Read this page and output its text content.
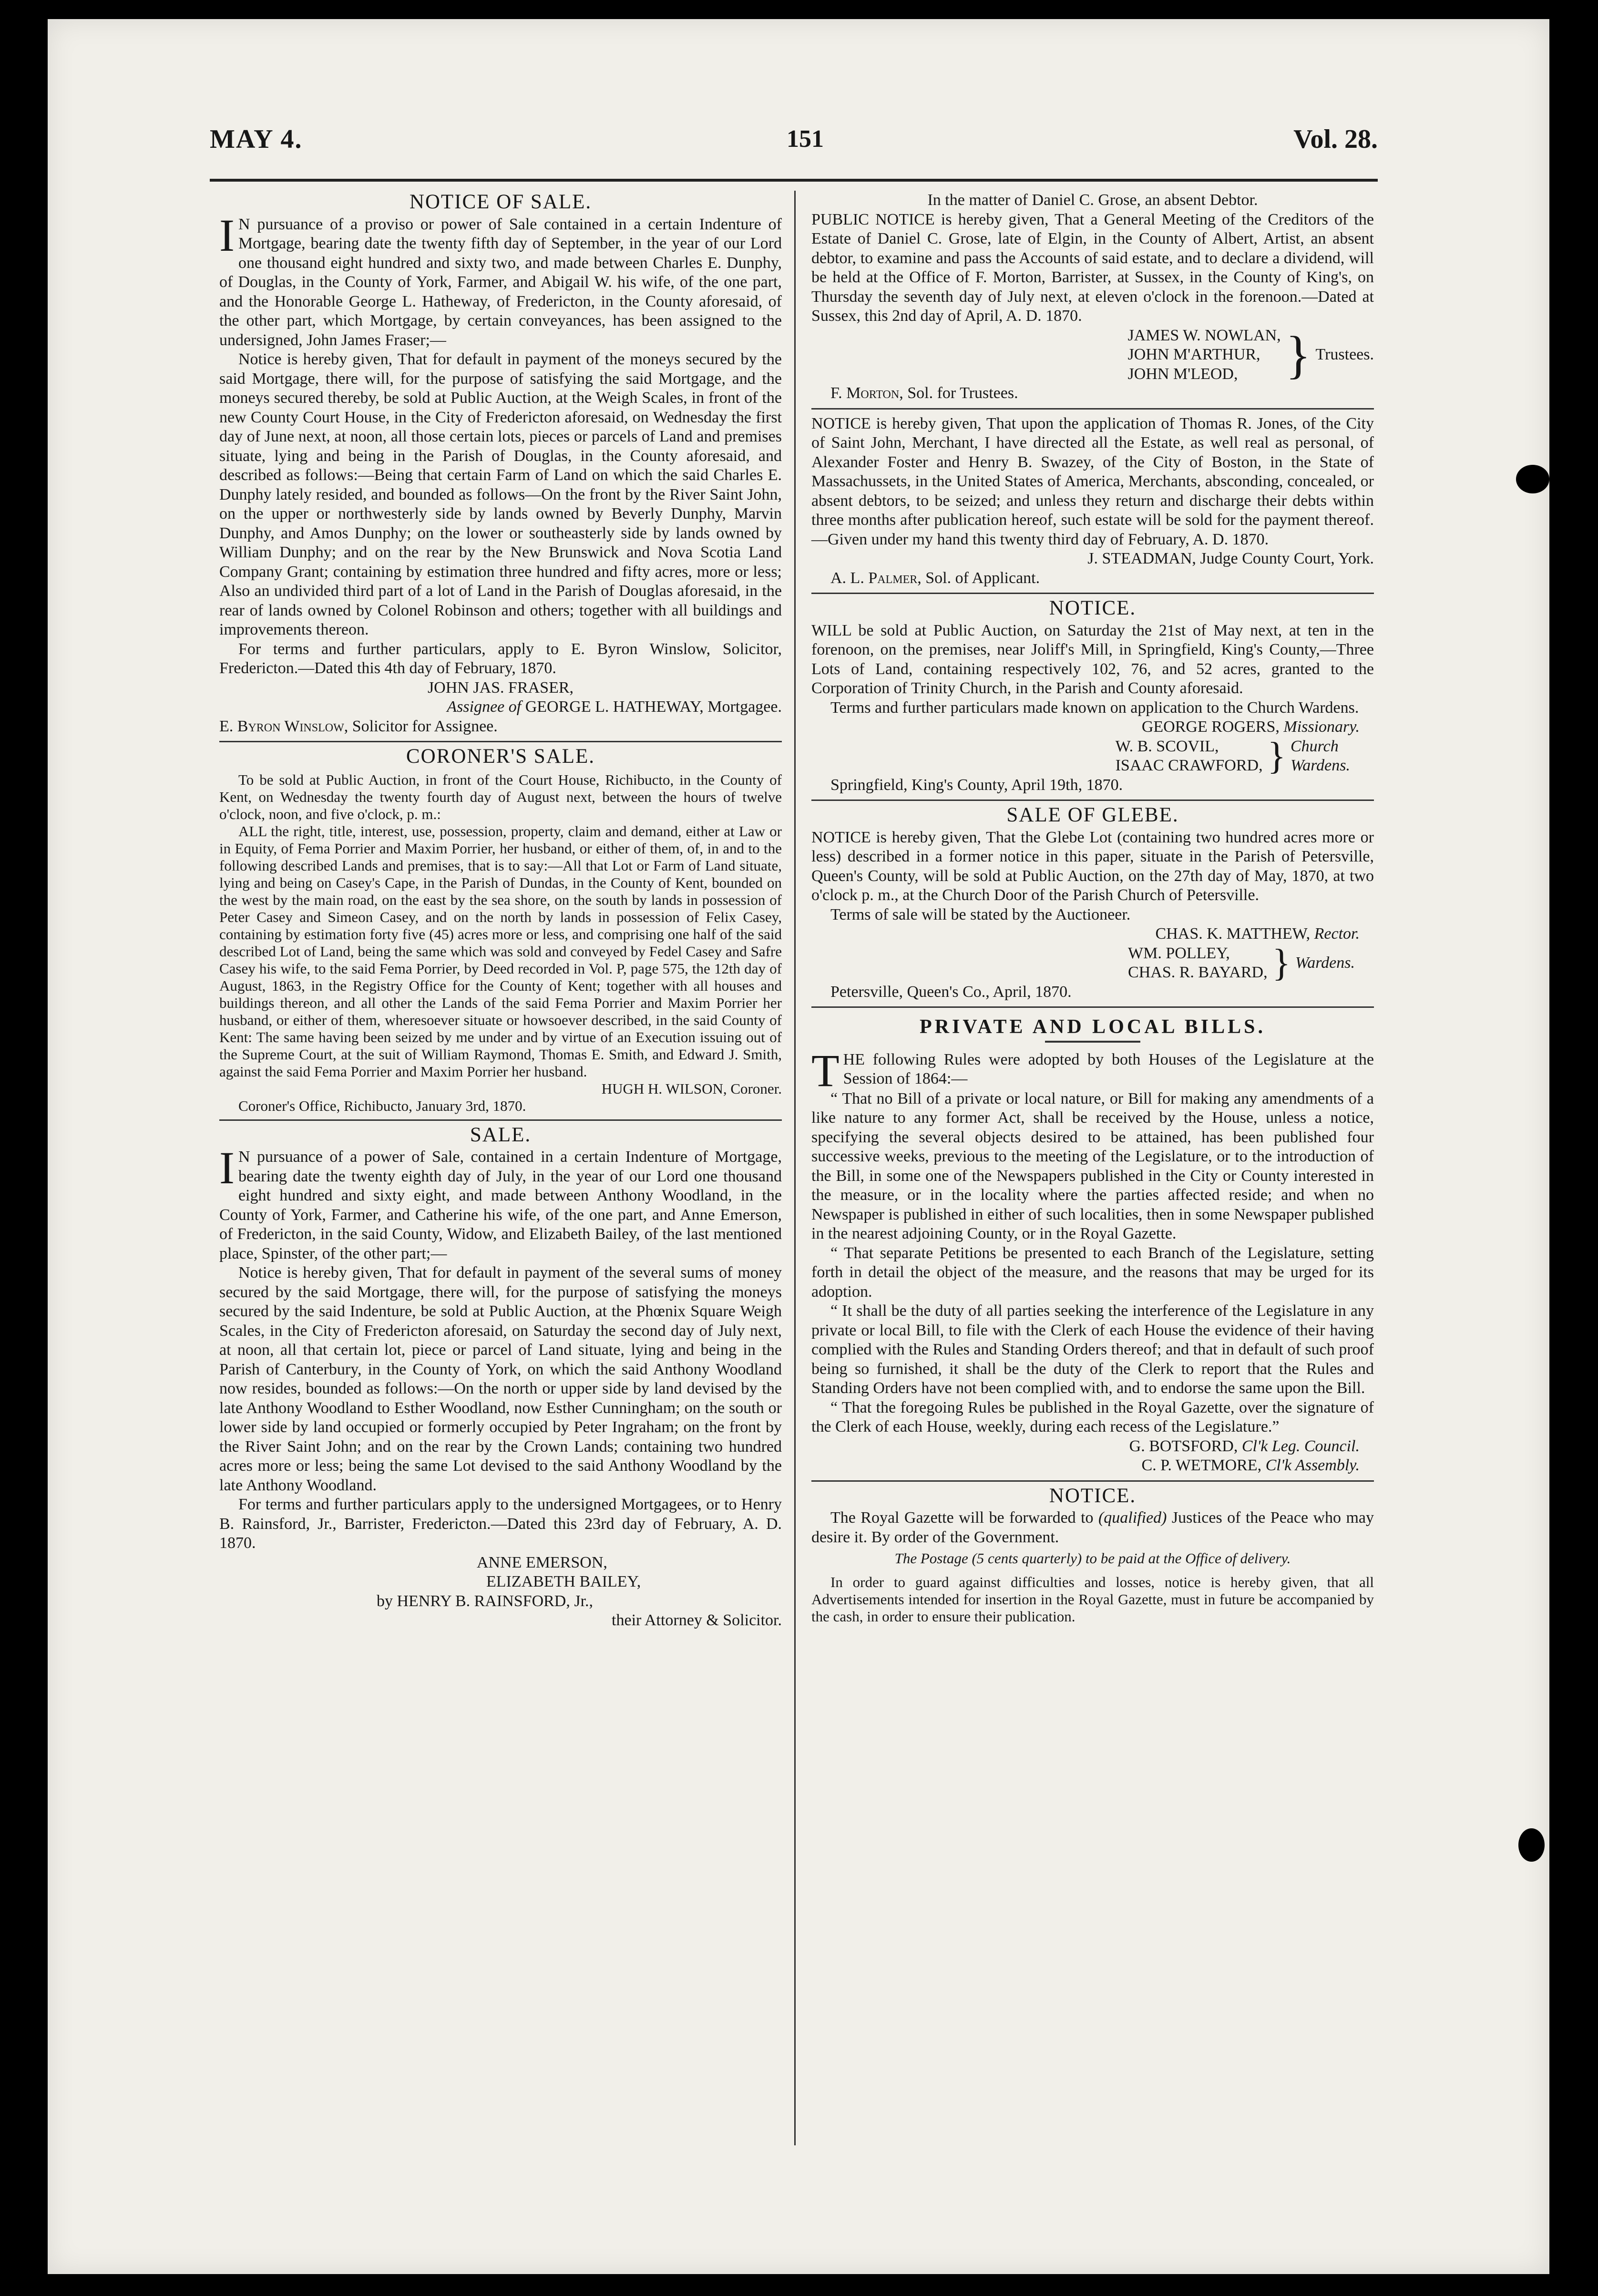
MAY 4.	151	Vol. 28.
NOTICE OF SALE.

I N pursuance of a proviso or power of Sale contained in a certain Indenture of Mortgage, bearing date the twenty fifth day of September, in the year of our Lord one thousand eight hundred and sixty two, and made between Charles E. Dunphy, of Douglas, in the County of York, Farmer, and Abigail W. his wife, of the one part, and the Honorable George L. Hatheway, of Fredericton, in the County aforesaid, of the other part, which Mortgage, by certain conveyances, has been assigned to the undersigned, John James Fraser;—

Notice is hereby given, That for default in payment of the moneys secured by the said Mortgage, there will, for the purpose of satisfying the said Mortgage, and the moneys secured thereby, be sold at Public Auction, at the Weigh Scales, in front of the new County Court House, in the City of Fredericton aforesaid, on Wednesday the first day of June next, at noon, all those certain lots, pieces or parcels of Land and premises situate, lying and being in the Parish of Douglas, in the County aforesaid, and described as follows:—Being that certain Farm of Land on which the said Charles E. Dunphy lately resided, and bounded as follows—On the front by the River Saint John, on the upper or northwesterly side by lands owned by Beverly Dunphy, Marvin Dunphy, and Amos Dunphy; on the lower or southeasterly side by lands owned by William Dunphy; and on the rear by the New Brunswick and Nova Scotia Land Company Grant; containing by estimation three hundred and fifty acres, more or less; Also an undivided third part of a lot of Land in the Parish of Douglas aforesaid, in the rear of lands owned by Colonel Robinson and others; together with all buildings and improvements thereon.

For terms and further particulars, apply to E. Byron Winslow, Solicitor, Fredericton.—Dated this 4th day of February, 1870.

JOHN JAS. FRASER,

Assignee of GEORGE L. HATHEWAY, Mortgagee.

E. Byron Winslow, Solicitor for Assignee.

CORONER'S SALE.

To be sold at Public Auction, in front of the Court House, Richibucto, in the County of Kent, on Wednesday the twenty fourth day of August next, between the hours of twelve o'clock, noon, and five o'clock, p. m.:

ALL the right, title, interest, use, possession, property, claim and demand, either at Law or in Equity, of Fema Porrier and Maxim Porrier, her husband, or either of them, of, in and to the following described Lands and premises, that is to say:—All that Lot or Farm of Land situate, lying and being on Casey's Cape, in the Parish of Dundas, in the County of Kent, bounded on the west by the main road, on the east by the sea shore, on the south by lands in possession of Peter Casey and Simeon Casey, and on the north by lands in possession of Felix Casey, containing by estimation forty five (45) acres more or less, and comprising one half of the said described Lot of Land, being the same which was sold and conveyed by Fedel Casey and Safre Casey his wife, to the said Fema Porrier, by Deed recorded in Vol. P, page 575, the 12th day of August, 1863, in the Registry Office for the County of Kent; together with all houses and buildings thereon, and all other the Lands of the said Fema Porrier and Maxim Porrier her husband, or either of them, wheresoever situate or howsoever described, in the said County of Kent: The same having been seized by me under and by virtue of an Execution issuing out of the Supreme Court, at the suit of William Raymond, Thomas E. Smith, and Edward J. Smith, against the said Fema Porrier and Maxim Porrier her husband.

HUGH H. WILSON, Coroner.

Coroner's Office, Richibucto, January 3rd, 1870.

SALE.

I N pursuance of a power of Sale, contained in a certain Indenture of Mortgage, bearing date the twenty eighth day of July, in the year of our Lord one thousand eight hundred and sixty eight, and made between Anthony Woodland, in the County of York, Farmer, and Catherine his wife, of the one part, and Anne Emerson, of Fredericton, in the said County, Widow, and Elizabeth Bailey, of the last mentioned place, Spinster, of the other part;—

Notice is hereby given, That for default in payment of the several sums of money secured by the said Mortgage, there will, for the purpose of satisfying the moneys secured by the said Indenture, be sold at Public Auction, at the Phœnix Square Weigh Scales, in the City of Fredericton aforesaid, on Saturday the second day of July next, at noon, all that certain lot, piece or parcel of Land situate, lying and being in the Parish of Canterbury, in the County of York, on which the said Anthony Woodland now resides, bounded as follows:—On the north or upper side by land devised by the late Anthony Woodland to Esther Woodland, now Esther Cunningham; on the south or lower side by land occupied or formerly occupied by Peter Ingraham; on the front by the River Saint John; and on the rear by the Crown Lands; containing two hundred acres more or less; being the same Lot devised to the said Anthony Woodland by the late Anthony Woodland.

For terms and further particulars apply to the undersigned Mortgagees, or to Henry B. Rainsford, Jr., Barrister, Fredericton.—Dated this 23rd day of February, A. D. 1870.

ANNE EMERSON,

ELIZABETH BAILEY,

by HENRY B. RAINSFORD, Jr.,

their Attorney & Solicitor.

In the matter of Daniel C. Grose, an absent Debtor.

PUBLIC NOTICE is hereby given, That a General Meeting of the Creditors of the Estate of Daniel C. Grose, late of Elgin, in the County of Albert, Artist, an absent debtor, to examine and pass the Accounts of said estate, and to declare a dividend, will be held at the Office of F. Morton, Barrister, at Sussex, in the County of King's, on Thursday the seventh day of July next, at eleven o'clock in the forenoon.—Dated at Sussex, this 2nd day of April, A. D. 1870.

JAMES W. NOWLAN,
JOHN M'ARTHUR,
JOHN M'LEOD, } Trustees.

F. Morton, Sol. for Trustees.

NOTICE is hereby given, That upon the application of Thomas R. Jones, of the City of Saint John, Merchant, I have directed all the Estate, as well real as personal, of Alexander Foster and Henry B. Swazey, of the City of Boston, in the State of Massachussets, in the United States of America, Merchants, absconding, concealed, or absent debtors, to be seized; and unless they return and discharge their debts within three months after publication hereof, such estate will be sold for the payment thereof.—Given under my hand this twenty third day of February, A. D. 1870.

J. STEADMAN, Judge County Court, York.

A. L. Palmer, Sol. of Applicant.

NOTICE.

WILL be sold at Public Auction, on Saturday the 21st of May next, at ten in the forenoon, on the premises, near Joliff's Mill, in Springfield, King's County,—Three Lots of Land, containing respectively 102, 76, and 52 acres, granted to the Corporation of Trinity Church, in the Parish and County aforesaid.

Terms and further particulars made known on application to the Church Wardens.

GEORGE ROGERS, Missionary.

W. B. SCOVIL,
ISAAC CRAWFORD, } Church
Wardens.

Springfield, King's County, April 19th, 1870.

SALE OF GLEBE.

NOTICE is hereby given, That the Glebe Lot (containing two hundred acres more or less) described in a former notice in this paper, situate in the Parish of Petersville, Queen's County, will be sold at Public Auction, on the 27th day of May, 1870, at two o'clock p. m., at the Church Door of the Parish Church of Petersville.

Terms of sale will be stated by the Auctioneer.

CHAS. K. MATTHEW, Rector.

WM. POLLEY,
CHAS. R. BAYARD, } Wardens.

Petersville, Queen's Co., April, 1870.

PRIVATE AND LOCAL BILLS.

THE following Rules were adopted by both Houses of the Legislature at the Session of 1864:—

“ That no Bill of a private or local nature, or Bill for making any amendments of a like nature to any former Act, shall be received by the House, unless a notice, specifying the several objects desired to be attained, has been published four successive weeks, previous to the meeting of the Legislature, or to the introduction of the Bill, in some one of the Newspapers published in the City or County interested in the measure, or in the locality where the parties affected reside; and when no Newspaper is published in either of such localities, then in some Newspaper published in the nearest adjoining County, or in the Royal Gazette.

“ That separate Petitions be presented to each Branch of the Legislature, setting forth in detail the object of the measure, and the reasons that may be urged for its adoption.

“ It shall be the duty of all parties seeking the interference of the Legislature in any private or local Bill, to file with the Clerk of each House the evidence of their having complied with the Rules and Standing Orders thereof; and that in default of such proof being so furnished, it shall be the duty of the Clerk to report that the Rules and Standing Orders have not been complied with, and to endorse the same upon the Bill.

“ That the foregoing Rules be published in the Royal Gazette, over the signature of the Clerk of each House, weekly, during each recess of the Legislature.”

G. BOTSFORD, Cl'k Leg. Council.

C. P. WETMORE, Cl'k Assembly.

NOTICE.

The Royal Gazette will be forwarded to (qualified) Justices of the Peace who may desire it. By order of the Government.

The Postage (5 cents quarterly) to be paid at the Office of delivery.

In order to guard against difficulties and losses, notice is hereby given, that all Advertisements intended for insertion in the Royal Gazette, must in future be accompanied by the cash, in order to ensure their publication.
